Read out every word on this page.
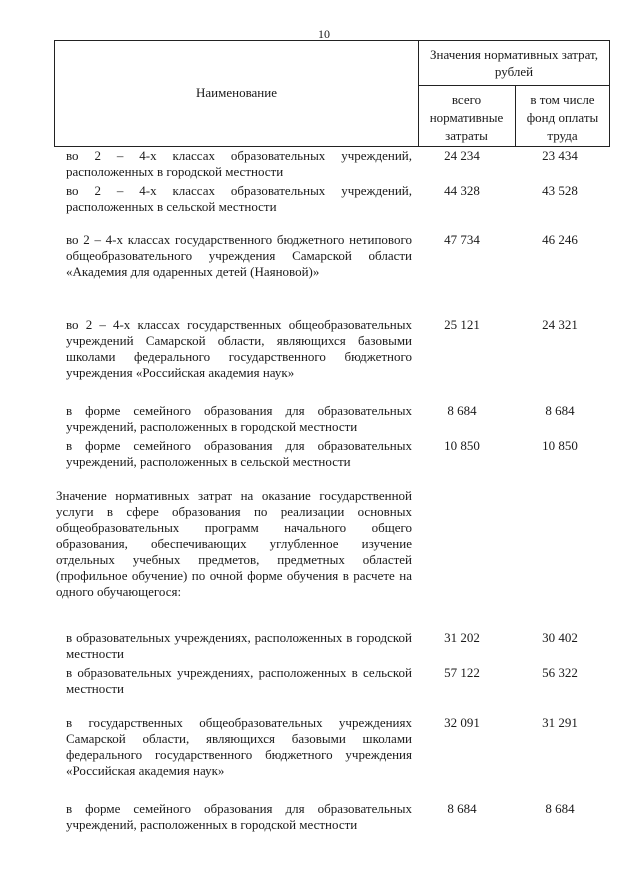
10
Наименование
Значения нормативных затрат, рублей
всего нормативные затраты
в том числе фонд оплаты труда
во 2 – 4-х классах образовательных учреждений, расположенных в городской местности
24 234	23 434
во 2 – 4-х классах образовательных учреждений, расположенных в сельской местности
44 328	43 528
во 2 – 4-х классах государственного бюджетного нетипового общеобразовательного учреждения Самарской области «Академия для одаренных детей (Наяновой)»
47 734	46 246
во 2 – 4-х классах государственных общеобразовательных учреждений Самарской области, являющихся базовыми школами федерального государственного бюджетного учреждения «Российская академия наук»
25 121	24 321
в форме семейного образования для образовательных учреждений, расположенных в городской местности
8 684	8 684
в форме семейного образования для образовательных учреждений, расположенных в сельской местности
10 850	10 850
Значение нормативных затрат на оказание государственной услуги в сфере образования по реализации основных общеобразовательных программ начального общего образования, обеспечивающих углубленное изучение отдельных учебных предметов, предметных областей (профильное обучение) по очной форме обучения в расчете на одного обучающегося:
в образовательных учреждениях, расположенных в городской местности
31 202	30 402
в образовательных учреждениях, расположенных в сельской местности
57 122	56 322
в государственных общеобразовательных учреждениях Самарской области, являющихся базовыми школами федерального государственного бюджетного учреждения «Российская академия наук»
32 091	31 291
в форме семейного образования для образовательных учреждений, расположенных в городской местности
8 684	8 684
